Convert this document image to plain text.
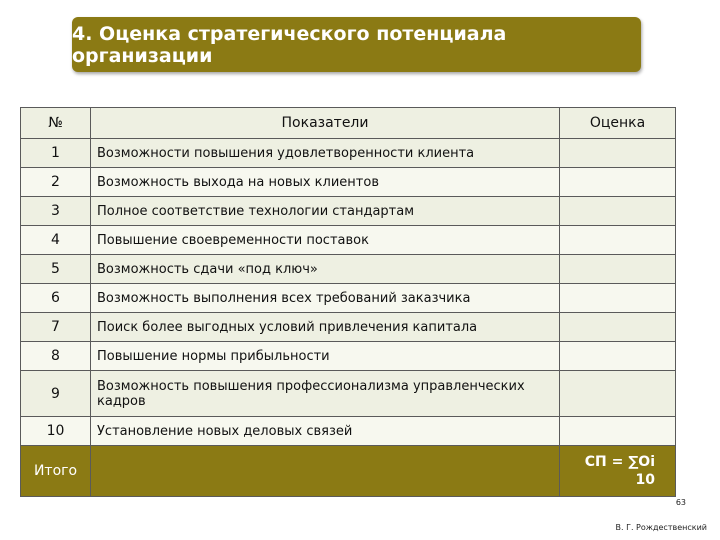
4. Оценка стратегического потенциала организации
№	Показатели	Оценка
1	Возможности повышения удовлетворенности клиента	
2	Возможность выхода на новых клиентов	
3	Полное соответствие технологии стандартам	
4	Повышение своевременности поставок	
5	Возможность сдачи «под ключ»	
6	Возможность выполнения всех требований заказчика	
7	Поиск более выгодных условий привлечения капитала	
8	Повышение нормы прибыльности	
9	Возможность повышения профессионализма управленческих кадров	
10	Установление новых деловых связей	
Итого		СП = ∑Oi
10
63
В. Г. Рождественский
